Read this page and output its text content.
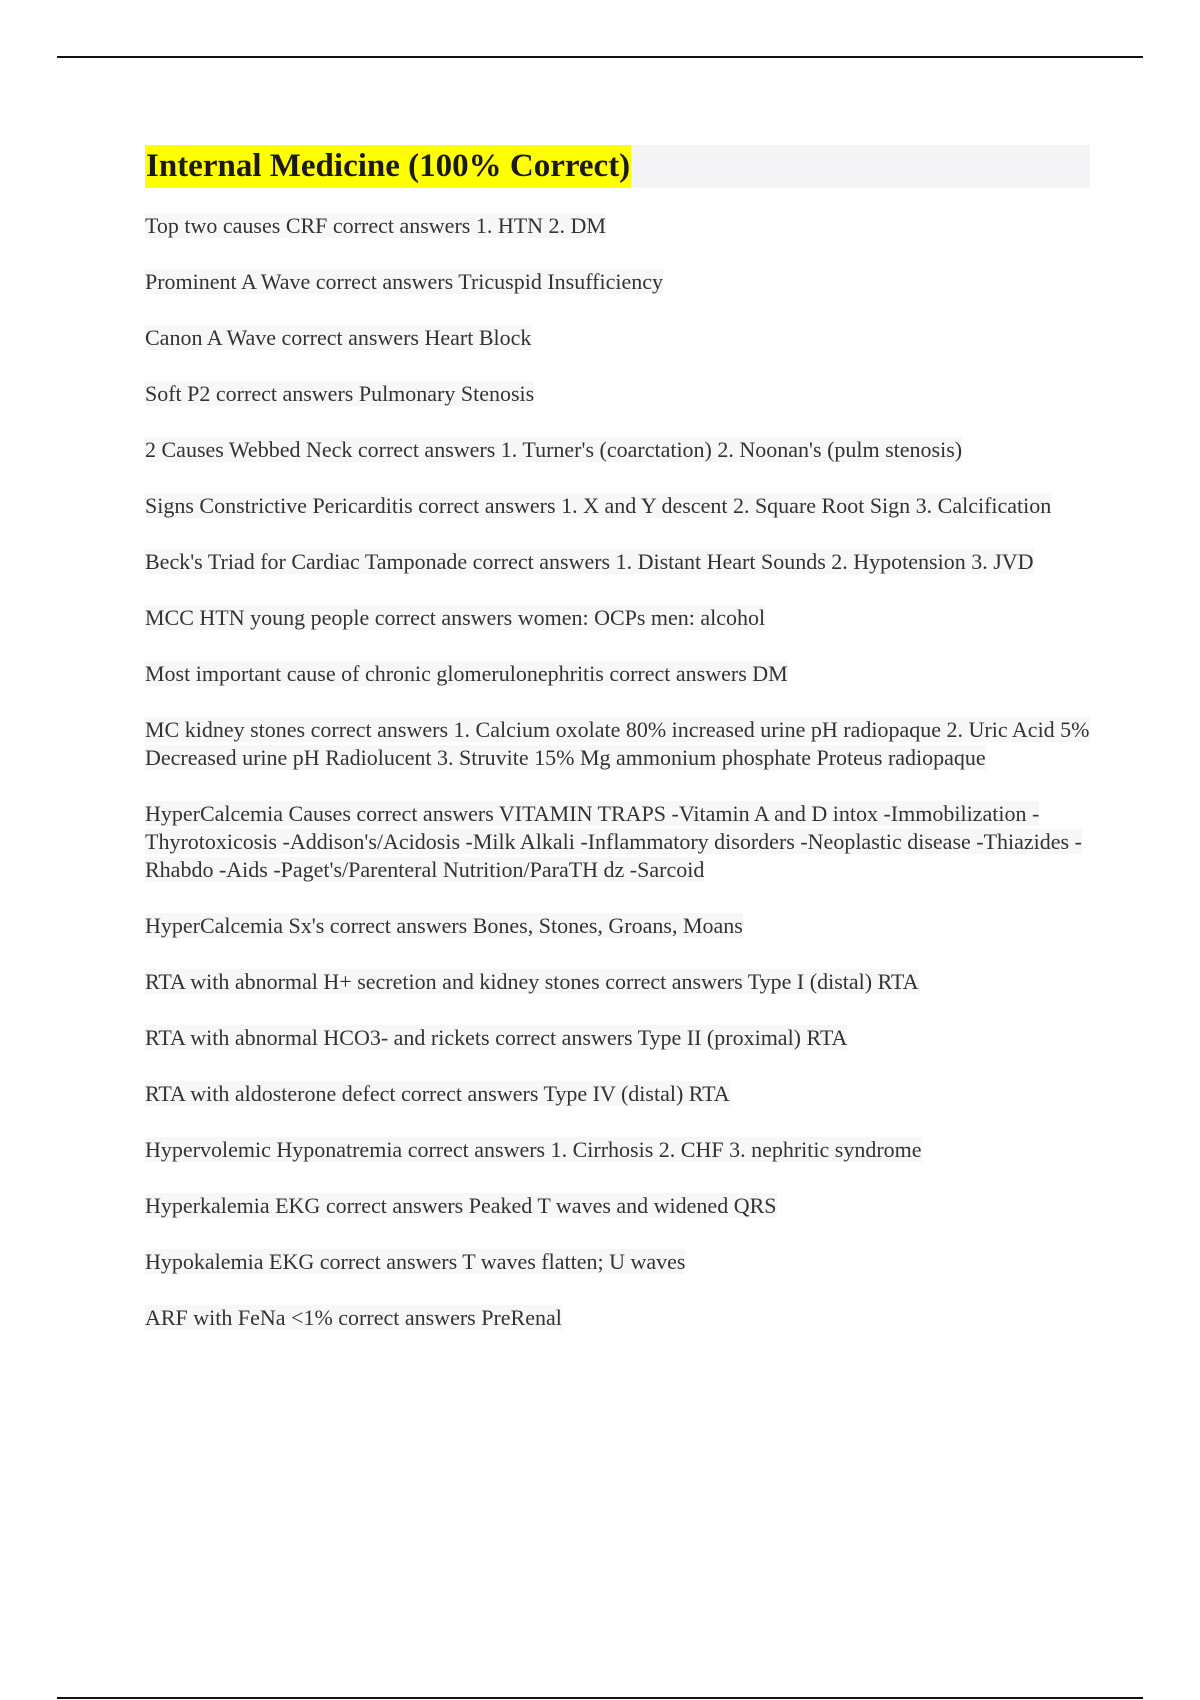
Internal Medicine (100% Correct)

Top two causes CRF correct answers 1. HTN 2. DM

Prominent A Wave correct answers Tricuspid Insufficiency

Canon A Wave correct answers Heart Block

Soft P2 correct answers Pulmonary Stenosis

2 Causes Webbed Neck correct answers 1. Turner's (coarctation) 2. Noonan's (pulm stenosis)

Signs Constrictive Pericarditis correct answers 1. X and Y descent 2. Square Root Sign 3. Calcification

Beck's Triad for Cardiac Tamponade correct answers 1. Distant Heart Sounds 2. Hypotension 3. JVD

MCC HTN young people correct answers women: OCPs men: alcohol

Most important cause of chronic glomerulonephritis correct answers DM

MC kidney stones correct answers 1. Calcium oxolate 80% increased urine pH radiopaque 2. Uric Acid 5% Decreased urine pH Radiolucent 3. Struvite 15% Mg ammonium phosphate Proteus radiopaque

HyperCalcemia Causes correct answers VITAMIN TRAPS -Vitamin A and D intox -Immobilization -Thyrotoxicosis -Addison's/Acidosis -Milk Alkali -Inflammatory disorders -Neoplastic disease -Thiazides -Rhabdo -Aids -Paget's/Parenteral Nutrition/ParaTH dz -Sarcoid

HyperCalcemia Sx's correct answers Bones, Stones, Groans, Moans

RTA with abnormal H+ secretion and kidney stones correct answers Type I (distal) RTA

RTA with abnormal HCO3- and rickets correct answers Type II (proximal) RTA

RTA with aldosterone defect correct answers Type IV (distal) RTA

Hypervolemic Hyponatremia correct answers 1. Cirrhosis 2. CHF 3. nephritic syndrome

Hyperkalemia EKG correct answers Peaked T waves and widened QRS

Hypokalemia EKG correct answers T waves flatten; U waves

ARF with FeNa <1% correct answers PreRenal
